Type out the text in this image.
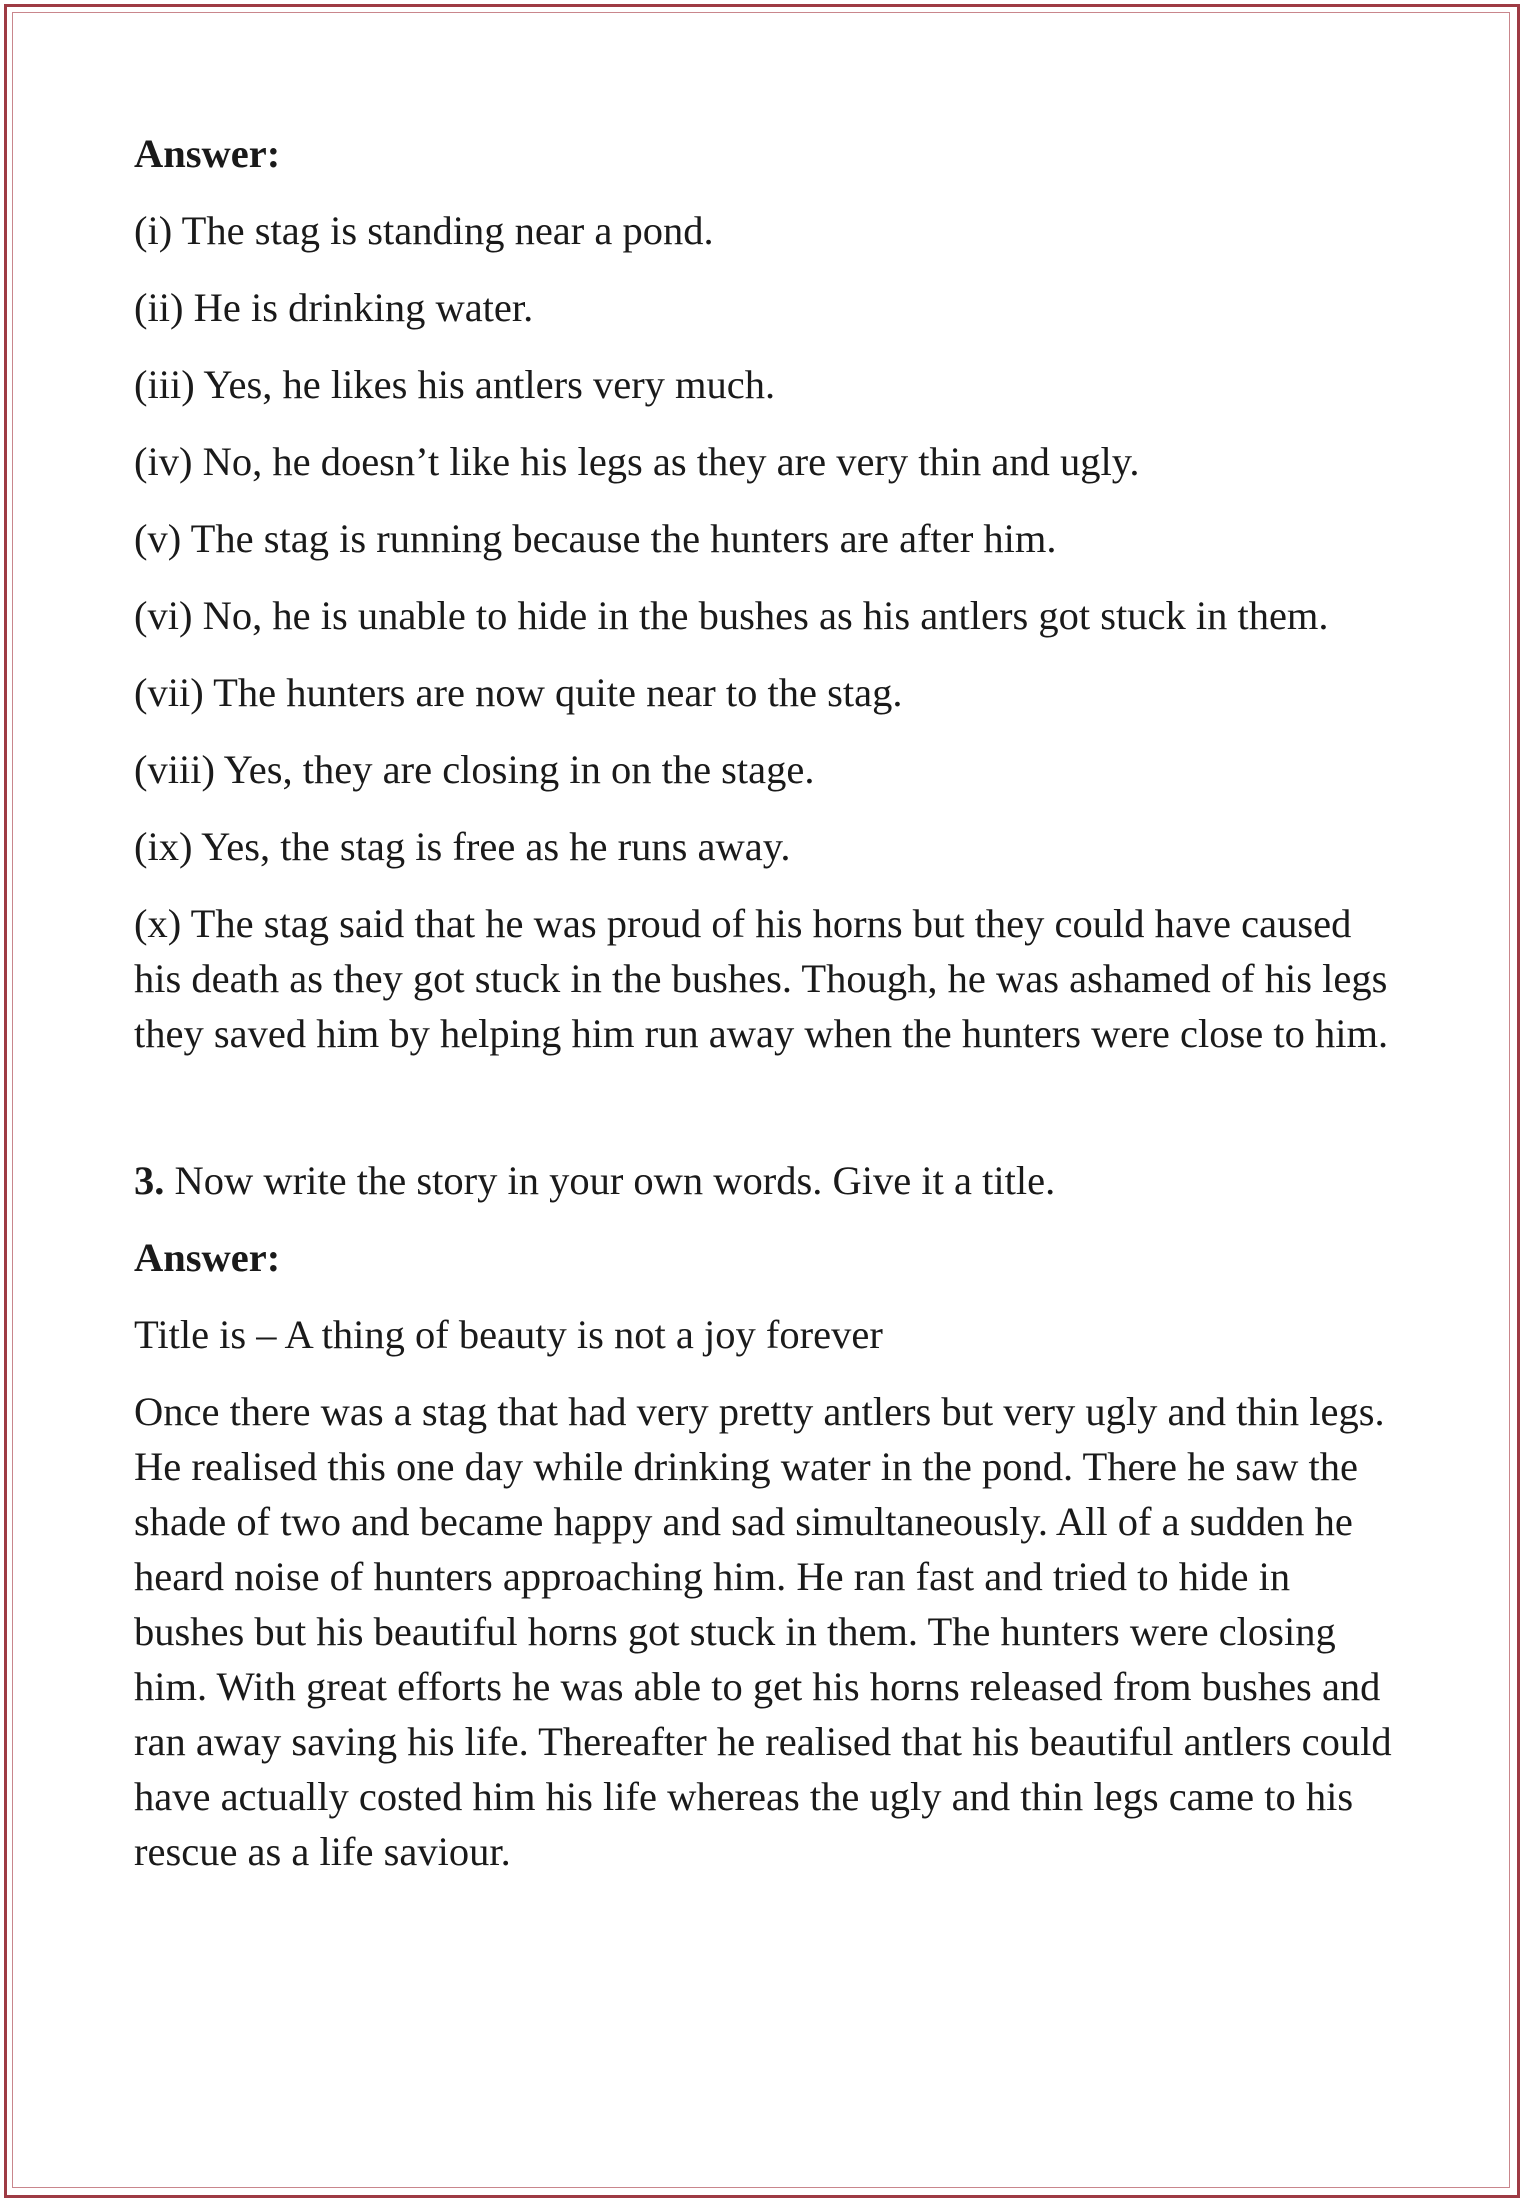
Answer:

(i) The stag is standing near a pond.

(ii) He is drinking water.

(iii) Yes, he likes his antlers very much.

(iv) No, he doesn’t like his legs as they are very thin and ugly.

(v) The stag is running because the hunters are after him.

(vi) No, he is unable to hide in the bushes as his antlers got stuck in them.

(vii) The hunters are now quite near to the stag.

(viii) Yes, they are closing in on the stage.

(ix) Yes, the stag is free as he runs away.

(x) The stag said that he was proud of his horns but they could have caused his death as they got stuck in the bushes. Though, he was ashamed of his legs they saved him by helping him run away when the hunters were close to him.

3. Now write the story in your own words. Give it a title.

Answer:

Title is – A thing of beauty is not a joy forever

Once there was a stag that had very pretty antlers but very ugly and thin legs. He realised this one day while drinking water in the pond. There he saw the shade of two and became happy and sad simultaneously. All of a sudden he heard noise of hunters approaching him. He ran fast and tried to hide in bushes but his beautiful horns got stuck in them. The hunters were closing him. With great efforts he was able to get his horns released from bushes and ran away saving his life. Thereafter he realised that his beautiful antlers could have actually costed him his life whereas the ugly and thin legs came to his rescue as a life saviour.
